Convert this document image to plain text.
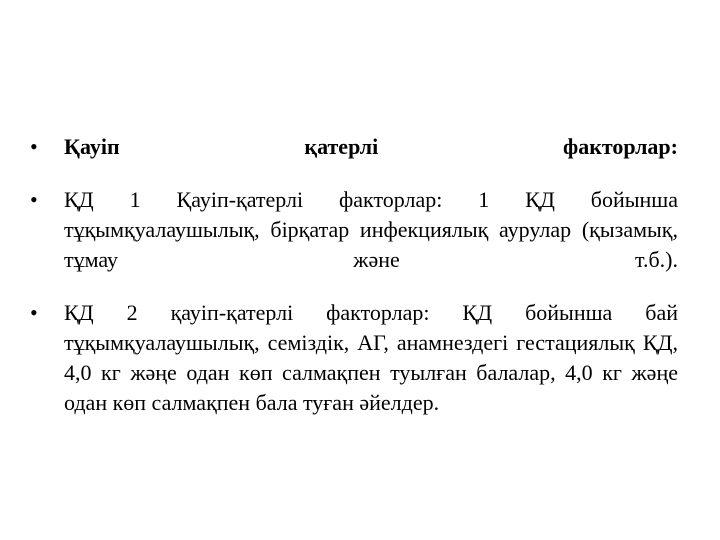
• Қауіп қатерлі факторлар:
• ҚД 1 Қауіп-қатерлі факторлар: 1 ҚД бойынша тұқымқуалаушылық, бірқатар инфекциялық аурулар (қызамық, тұмау және т.б.).
• ҚД 2 қауіп-қатерлі факторлар: ҚД бойынша бай тұқымқуалаушылық, семіздік, АГ, анамнездегі гестациялық ҚД, 4,0 кг жәңе одан көп салмақпен туылған балалар, 4,0 кг жәңе одан көп салмақпен бала туған әйелдер.
